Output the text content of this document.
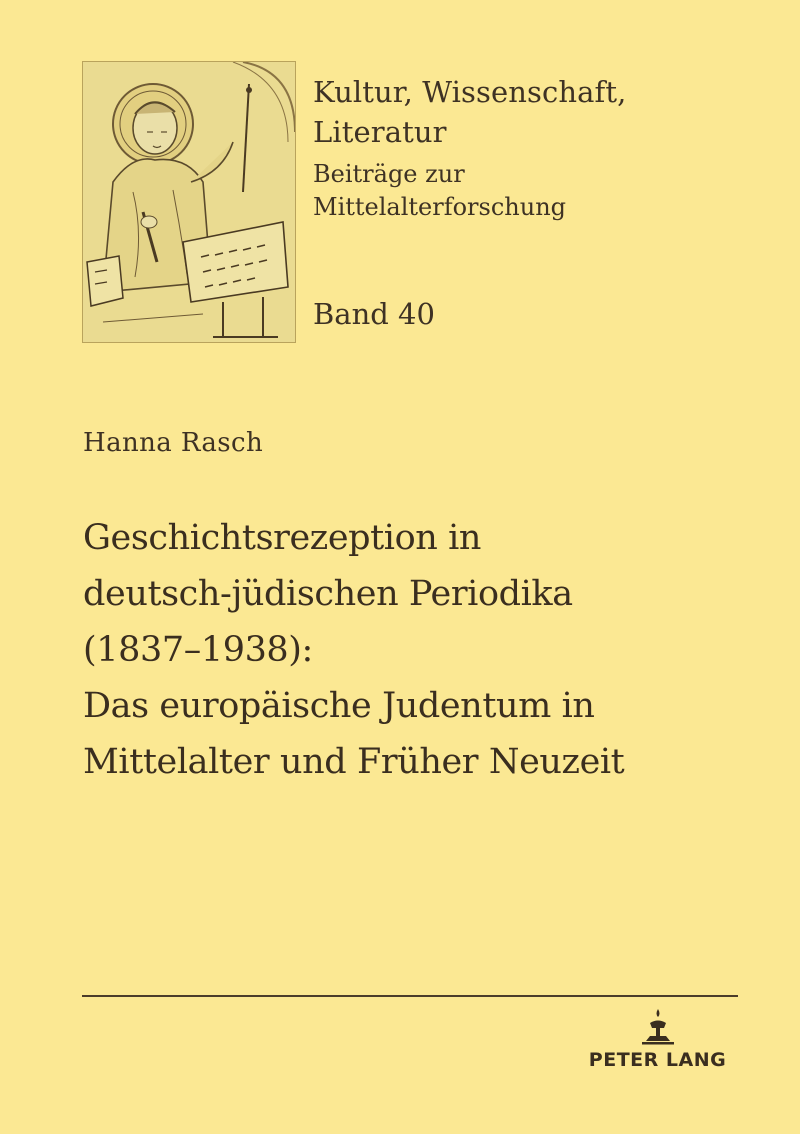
Kultur, Wissenschaft,
Literatur

Beiträge zur
Mittelalterforschung

Band 40
Hanna Rasch
Geschichtsrezeption in
deutsch-jüdischen Periodika
(1837–1938):
Das europäische Judentum in
Mittelalter und Früher Neuzeit
PETER LANG
